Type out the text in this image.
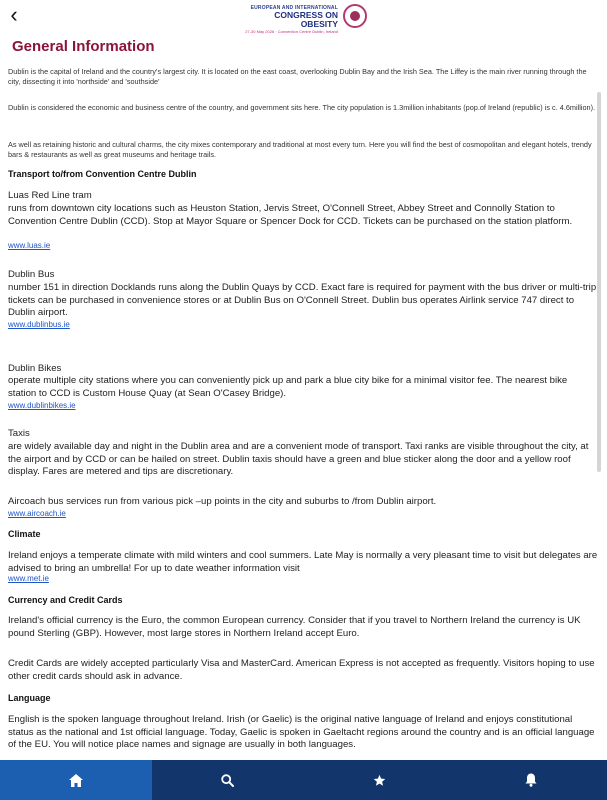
‹	EUROPEAN AND INTERNATIONAL
CONGRESS ON OBESITY
27-30 May 2026 · Convention Centre Dublin, Ireland
General Information
Dublin is the capital of Ireland and the country's largest city. It is located on the east coast, overlooking Dublin Bay and the Irish Sea. The Liffey is the main river running through the city, dissecting it into 'northside' and 'southside'
Dublin is considered the economic and business centre of the country, and government sits here. The city population is 1.3million inhabitants (pop.of Ireland (republic) is c. 4.6million).
As well as retaining historic and cultural charms, the city mixes contemporary and traditional at most every turn. Here you will find the best of cosmopolitan and elegant hotels, trendy bars & restaurants as well as great museums and heritage trails.
Transport to/from Convention Centre Dublin
Luas Red Line tram
runs from downtown city locations such as Heuston Station, Jervis Street, O'Connell Street, Abbey Street and Connolly Station to Convention Centre Dublin (CCD). Stop at Mayor Square or Spencer Dock for CCD. Tickets can be purchased on the station platform.
www.luas.ie
Dublin Bus
number 151 in direction Docklands runs along the Dublin Quays by CCD. Exact fare is required for payment with the bus driver or multi-trip tickets can be purchased in convenience stores or at Dublin Bus on O'Connell Street. Dublin bus operates Airlink service 747 direct to Dublin airport.
www.dublinbus.ie
Dublin Bikes
operate multiple city stations where you can conveniently pick up and park a blue city bike for a minimal visitor fee. The nearest bike station to CCD is Custom House Quay (at Sean O'Casey Bridge).
www.dublinbikes.ie
Taxis
are widely available day and night in the Dublin area and are a convenient mode of transport. Taxi ranks are visible throughout the city, at the airport and by CCD or can be hailed on street. Dublin taxis should have a green and blue sticker along the door and a yellow roof display. Fares are metered and tips are discretionary.
Aircoach bus services run from various pick –up points in the city and suburbs to /from Dublin airport.
www.aircoach.ie
Climate
Ireland enjoys a temperate climate with mild winters and cool summers. Late May is normally a very pleasant time to visit but delegates are advised to bring an umbrella! For up to date weather information visit
www.met.ie
Currency and Credit Cards
Ireland's official currency is the Euro, the common European currency. Consider that if you travel to Northern Ireland the currency is UK pound Sterling (GBP). However, most large stores in Northern Ireland accept Euro.
Credit Cards are widely accepted particularly Visa and MasterCard. American Express is not accepted as frequently. Visitors hoping to use other credit cards should ask in advance.
Language
English is the spoken language throughout Ireland. Irish (or Gaelic) is the original native language of Ireland and enjoys constitutional status as the national and 1st official language. Today, Gaelic is spoken in Gaeltacht regions around the country and is an official language of the EU. You will notice place names and signage are usually in both languages.
